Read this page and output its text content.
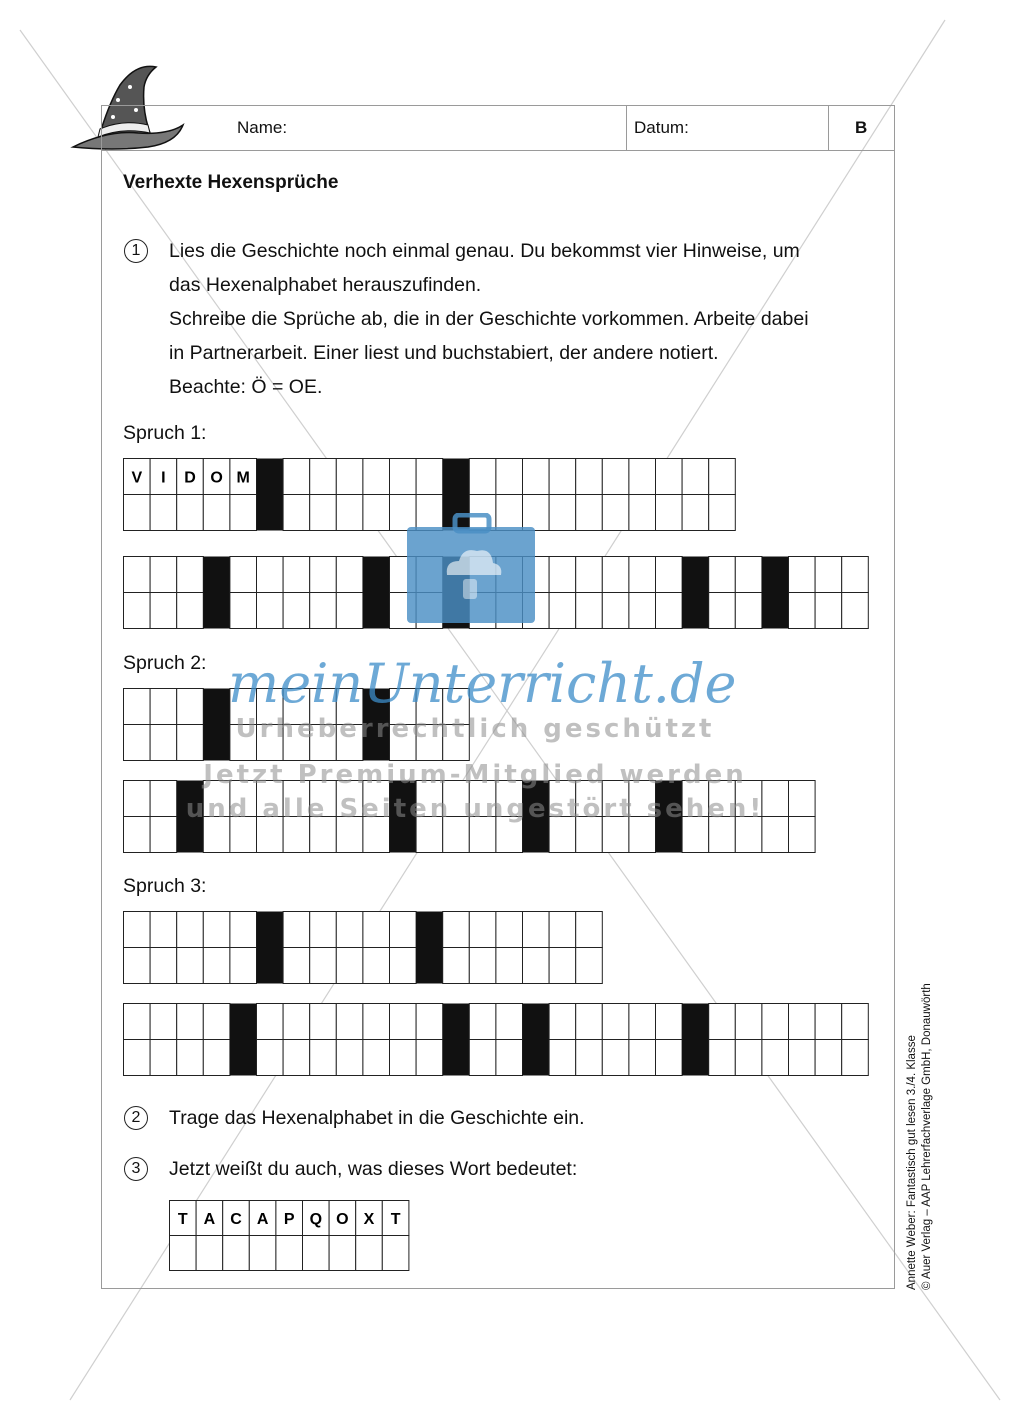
Name:	Datum:	B
Verhexte Hexensprüche
1	Lies die Geschichte noch einmal genau. Du bekommst vier Hinweise, um
das Hexenalphabet herauszufinden.
Schreibe die Sprüche ab, die in der Geschichte vorkommen. Arbeite dabei
in Partnerarbeit. Einer liest und buchstabiert, der andere notiert.
Beachte: Ö = OE.
Spruch 1:
V I D O M
Spruch 2:
Spruch 3:
2	Trage das Hexenalphabet in die Geschichte ein.
3	Jetzt weißt du auch, was dieses Wort bedeutet:
T A C A P Q O X T	Annette Weber: Fantastisch gut lesen 3./4. Klasse © Auer Verlag – AAP Lehrerfachverlage GmbH, Donauwörth
meinUnterricht.de
Urheberrechtlich geschützt
Jetzt Premium-Mitglied werden
und alle Seiten ungestört sehen!
